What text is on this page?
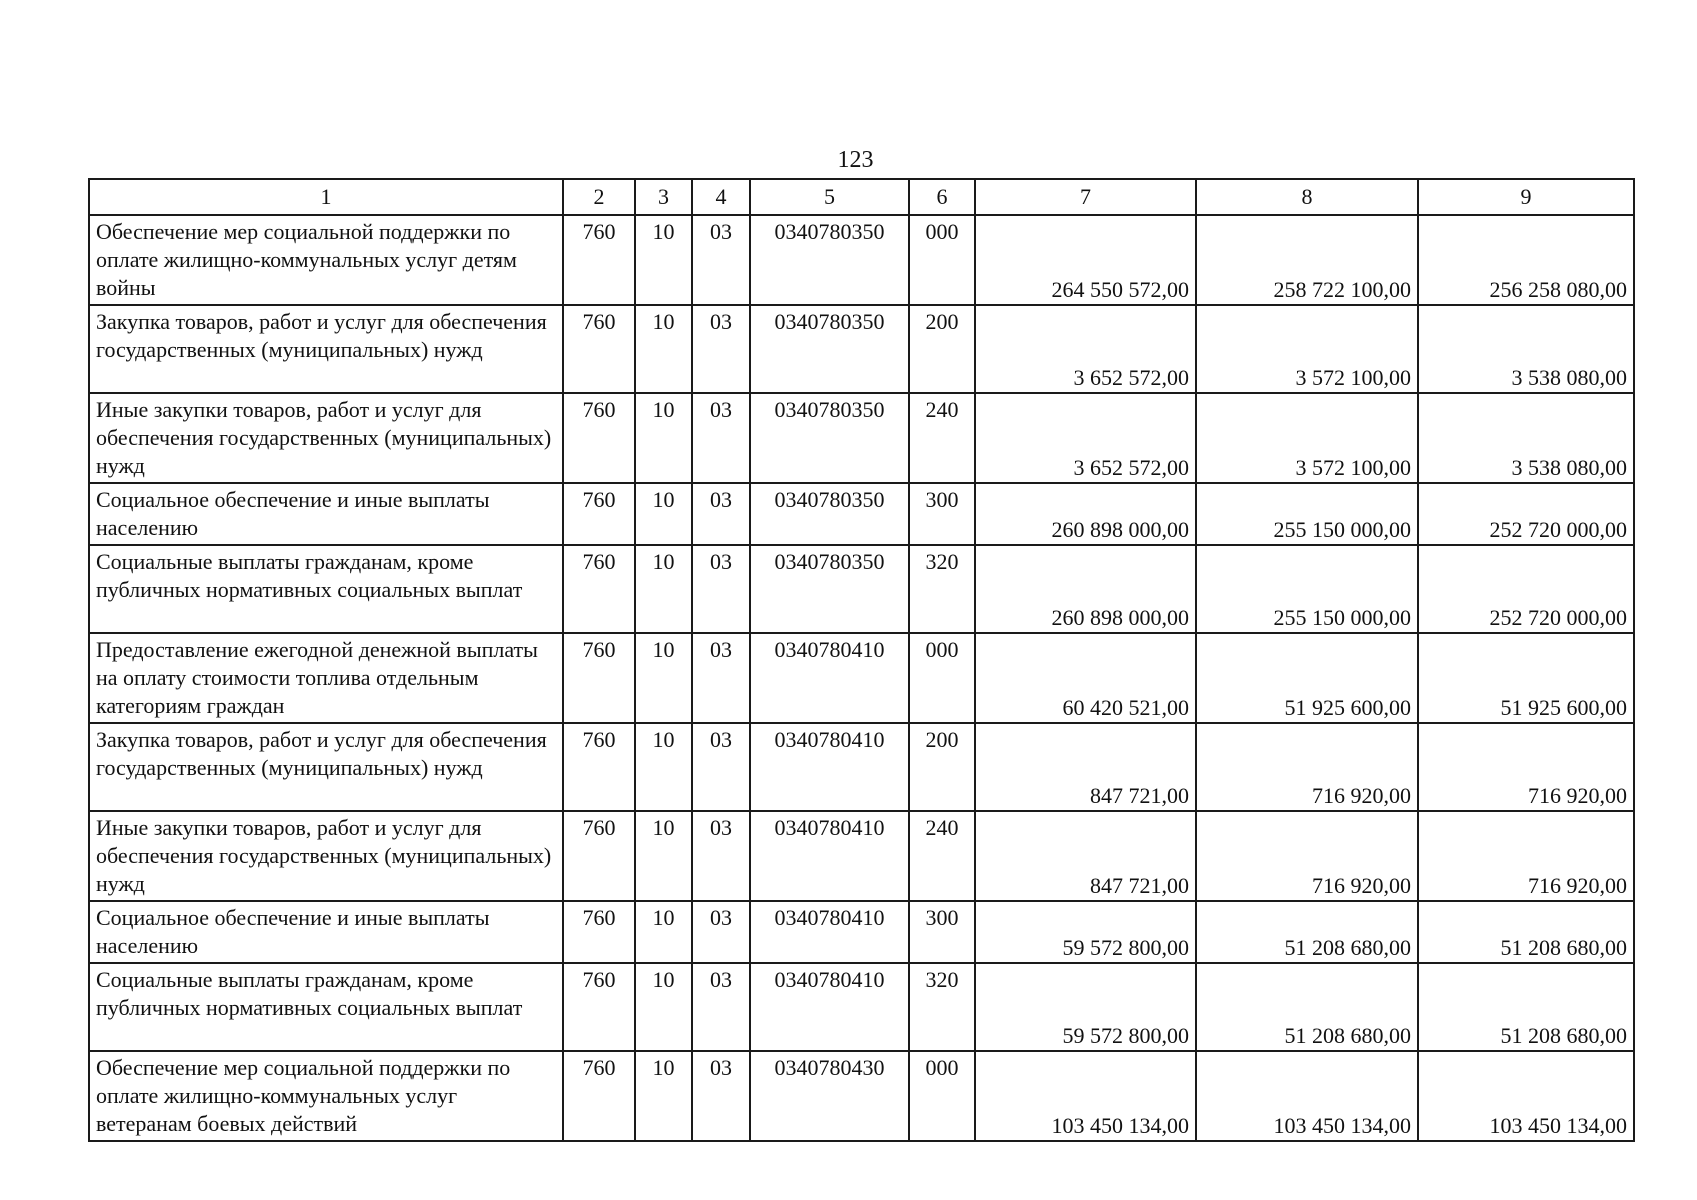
123
1	2	3	4	5	6	7	8	9
Обеспечение мер социальной поддержки по оплате жилищно-коммунальных услуг детям войны	760	10	03	0340780350	000	264 550 572,00	258 722 100,00	256 258 080,00
Закупка товаров, работ и услуг для обеспечения государственных (муниципальных) нужд	760	10	03	0340780350	200	3 652 572,00	3 572 100,00	3 538 080,00
Иные закупки товаров, работ и услуг для обеспечения государственных (муниципальных) нужд	760	10	03	0340780350	240	3 652 572,00	3 572 100,00	3 538 080,00
Социальное обеспечение и иные выплаты населению	760	10	03	0340780350	300	260 898 000,00	255 150 000,00	252 720 000,00
Социальные выплаты гражданам, кроме публичных нормативных социальных выплат	760	10	03	0340780350	320	260 898 000,00	255 150 000,00	252 720 000,00
Предоставление ежегодной денежной выплаты на оплату стоимости топлива отдельным категориям граждан	760	10	03	0340780410	000	60 420 521,00	51 925 600,00	51 925 600,00
Закупка товаров, работ и услуг для обеспечения государственных (муниципальных) нужд	760	10	03	0340780410	200	847 721,00	716 920,00	716 920,00
Иные закупки товаров, работ и услуг для обеспечения государственных (муниципальных) нужд	760	10	03	0340780410	240	847 721,00	716 920,00	716 920,00
Социальное обеспечение и иные выплаты населению	760	10	03	0340780410	300	59 572 800,00	51 208 680,00	51 208 680,00
Социальные выплаты гражданам, кроме публичных нормативных социальных выплат	760	10	03	0340780410	320	59 572 800,00	51 208 680,00	51 208 680,00
Обеспечение мер социальной поддержки по оплате жилищно-коммунальных услуг ветеранам боевых действий	760	10	03	0340780430	000	103 450 134,00	103 450 134,00	103 450 134,00
